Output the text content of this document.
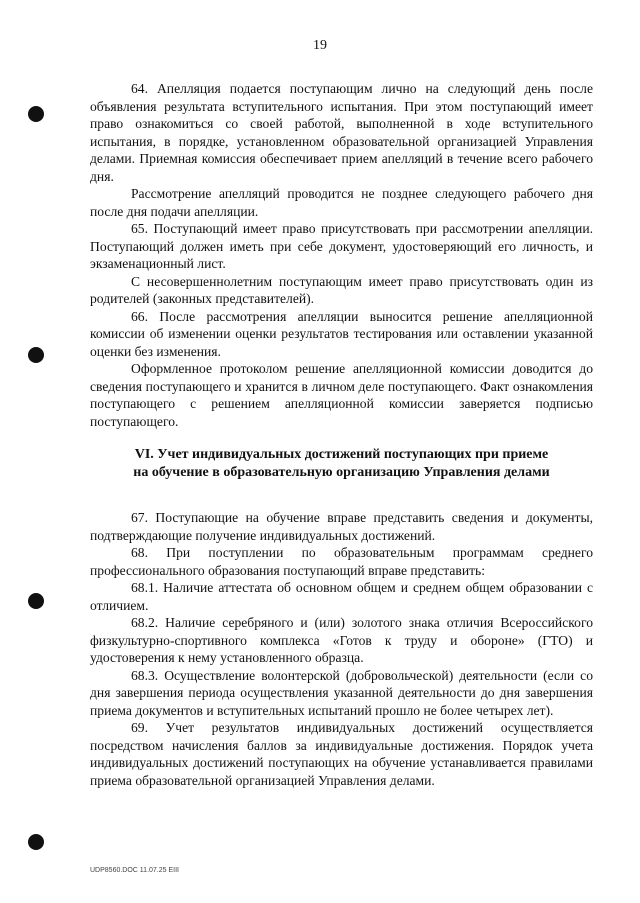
19

64. Апелляция подается поступающим лично на следующий день после объявления результата вступительного испытания. При этом поступающий имеет право ознакомиться со своей работой, выполненной в ходе вступительного испытания, в порядке, установленном образовательной организацией Управления делами. Приемная комиссия обеспечивает прием апелляций в течение всего рабочего дня.

Рассмотрение апелляций проводится не позднее следующего рабочего дня после дня подачи апелляции.

65. Поступающий имеет право присутствовать при рассмотрении апелляции. Поступающий должен иметь при себе документ, удостоверяющий его личность, и экзаменационный лист.

С несовершеннолетним поступающим имеет право присутствовать один из родителей (законных представителей).

66. После рассмотрения апелляции выносится решение апелляционной комиссии об изменении оценки результатов тестирования или оставлении указанной оценки без изменения.

Оформленное протоколом решение апелляционной комиссии доводится до сведения поступающего и хранится в личном деле поступающего. Факт ознакомления поступающего с решением апелляционной комиссии заверяется подписью поступающего.

VI. Учет индивидуальных достижений поступающих при приеме
на обучение в образовательную организацию Управления делами

67. Поступающие на обучение вправе представить сведения и документы, подтверждающие получение индивидуальных достижений.

68. При поступлении по образовательным программам среднего профессионального образования поступающий вправе представить:

68.1. Наличие аттестата об основном общем и среднем общем образовании с отличием.

68.2. Наличие серебряного и (или) золотого знака отличия Всероссийского физкультурно-спортивного комплекса «Готов к труду и обороне» (ГТО) и удостоверения к нему установленного образца.

68.3. Осуществление волонтерской (добровольческой) деятельности (если со дня завершения периода осуществления указанной деятельности до дня завершения приема документов и вступительных испытаний прошло не более четырех лет).

69. Учет результатов индивидуальных достижений осуществляется посредством начисления баллов за индивидуальные достижения. Порядок учета индивидуальных достижений поступающих на обучение устанавливается правилами приема образовательной организацией Управления делами.

UDP8560.DOC 11.07.25 EIII
